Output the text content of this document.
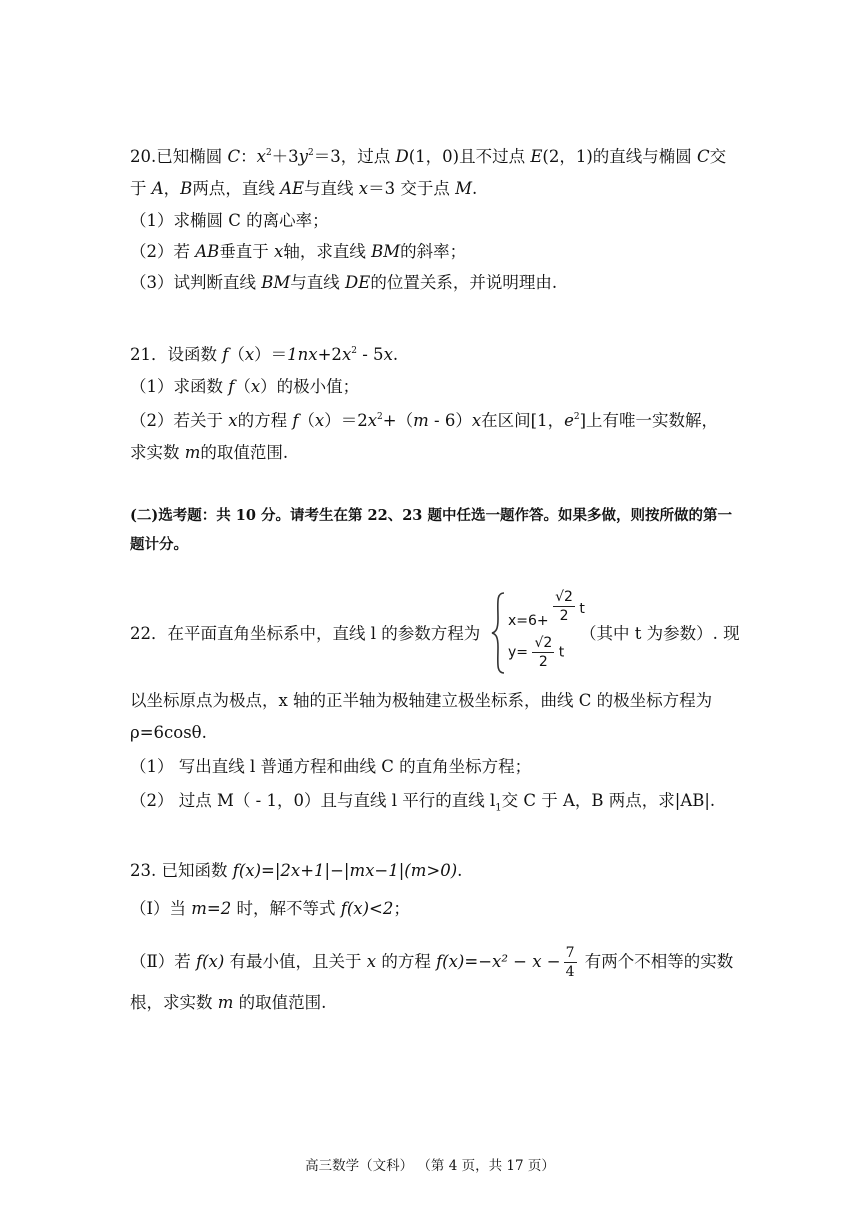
20.已知椭圆 C：$x^2+3y^2=3$，过点 D(1，0)且不过点 E(2，1)的直线与椭圆 C交
于 A，B两点，直线 AE与直线 x＝3 交于点 M.
（1）求椭圆 C 的离心率；
（2）若 AB垂直于 x轴，求直线 BM的斜率；
（3）试判断直线 BM与直线 DE的位置关系，并说明理由.
21．设函数 $f(x)=1nx+2x^2 - 5x$.
（1）求函数 f（x）的极小值；
（2）若关于 x的方程 $f(x)=2x^2+(m - 6)x$在区间[1，$e^2$]上有唯一实数解，
求实数 m的取值范围.
(二)选考题：共 10 分。请考生在第 22、23 题中任选一题作答。如果多做，则按所做的第一
题计分。
22．在平面直角坐标系中，直线 l 的参数方程为
$x=6+ \frac{√2}{2}$ t
$y= \frac{√2}{2}$ t
（其中 t 为参数）. 现
以坐标原点为极点，x 轴的正半轴为极轴建立极坐标系，曲线 C 的极坐标方程为
ρ=6cosθ.
（1） 写出直线 l 普通方程和曲线 C 的直角坐标方程；
（2） 过点 M（ - 1，0）且与直线 l 平行的直线 $l_1$交 C 于 A，B 两点，求|AB|.
23. 已知函数 f(x)=|2x+1|−|mx−1|(m>0).
（Ⅰ）当 m=2 时，解不等式 f(x)<2；
（Ⅱ）若 f(x) 有最小值，且关于 x 的方程 $f(x)=-x^2 - x - \frac{7}{4}$ 有两个不相等的实数
根，求实数 m 的取值范围.
高三数学（文科） （第 4 页，共 17 页）
